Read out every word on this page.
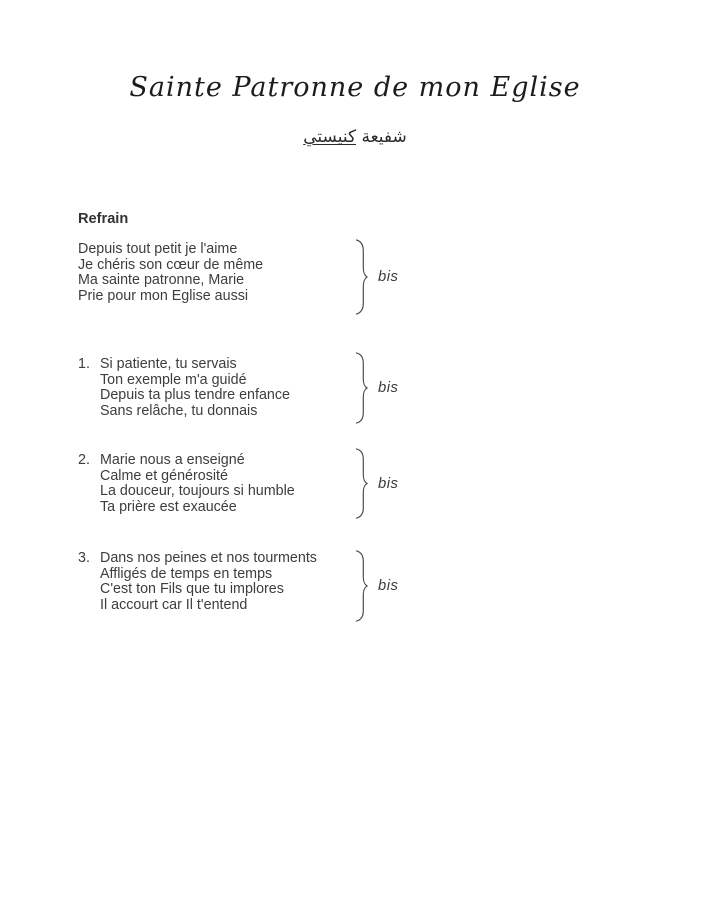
Sainte Patronne de mon Eglise
شفيعة كنيستي
Refrain
Depuis tout petit je l'aime
Je chéris son cœur de même
Ma sainte patronne, Marie
Prie pour mon Eglise aussi
bis
1. Si patiente, tu servais
Ton exemple m'a guidé
Depuis ta plus tendre enfance
Sans relâche, tu donnais
bis
2. Marie nous a enseigné
Calme et générosité
La douceur, toujours si humble
Ta prière est exaucée
bis
3. Dans nos peines et nos tourments
Affligés de temps en temps
C'est ton Fils que tu implores
Il accourt car Il t'entend
bis
